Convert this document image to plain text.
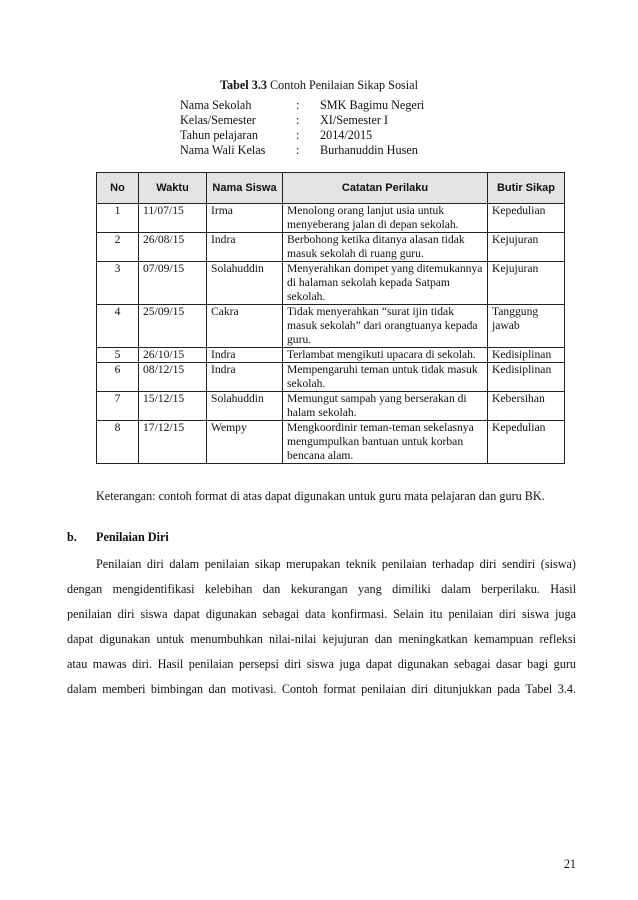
Tabel 3.3 Contoh Penilaian Sikap Sosial
Nama Sekolah	:	SMK Bagimu Negeri
Kelas/Semester	:	XI/Semester I
Tahun pelajaran	:	2014/2015
Nama Wali Kelas	:	Burhanuddin Husen
No	Waktu	Nama Siswa	Catatan Perilaku	Butir Sikap
1	11/07/15	Irma	Menolong orang lanjut usia untuk menyeberang jalan di depan sekolah.	Kepedulian
2	26/08/15	Indra	Berbohong ketika ditanya alasan tidak masuk sekolah di ruang guru.	Kejujuran
3	07/09/15	Solahuddin	Menyerahkan dompet yang ditemukannya di halaman sekolah kepada Satpam sekolah.	Kejujuran
4	25/09/15	Cakra	Tidak menyerahkan “surat ijin tidak masuk sekolah” dari orangtuanya kepada guru.	Tanggung jawab
5	26/10/15	Indra	Terlambat mengikuti upacara di sekolah.	Kedisiplinan
6	08/12/15	Indra	Mempengaruhi teman untuk tidak masuk sekolah.	Kedisiplinan
7	15/12/15	Solahuddin	Memungut sampah yang berserakan di halam sekolah.	Kebersihan
8	17/12/15	Wempy	Mengkoordinir teman-teman sekelasnya mengumpulkan bantuan untuk korban bencana alam.	Kepedulian
Keterangan: contoh format di atas dapat digunakan untuk guru mata pelajaran dan guru BK.
b. Penilaian Diri
Penilaian diri dalam penilaian sikap merupakan teknik penilaian terhadap diri sendiri (siswa)
dengan mengidentifikasi kelebihan dan kekurangan yang dimiliki dalam berperilaku. Hasil
penilaian diri siswa dapat digunakan sebagai data konfirmasi. Selain itu penilaian diri siswa juga
dapat digunakan untuk menumbuhkan nilai-nilai kejujuran dan meningkatkan kemampuan refleksi
atau mawas diri. Hasil penilaian persepsi diri siswa juga dapat digunakan sebagai dasar bagi guru
dalam memberi bimbingan dan motivasi. Contoh format penilaian diri ditunjukkan pada Tabel 3.4.
21
